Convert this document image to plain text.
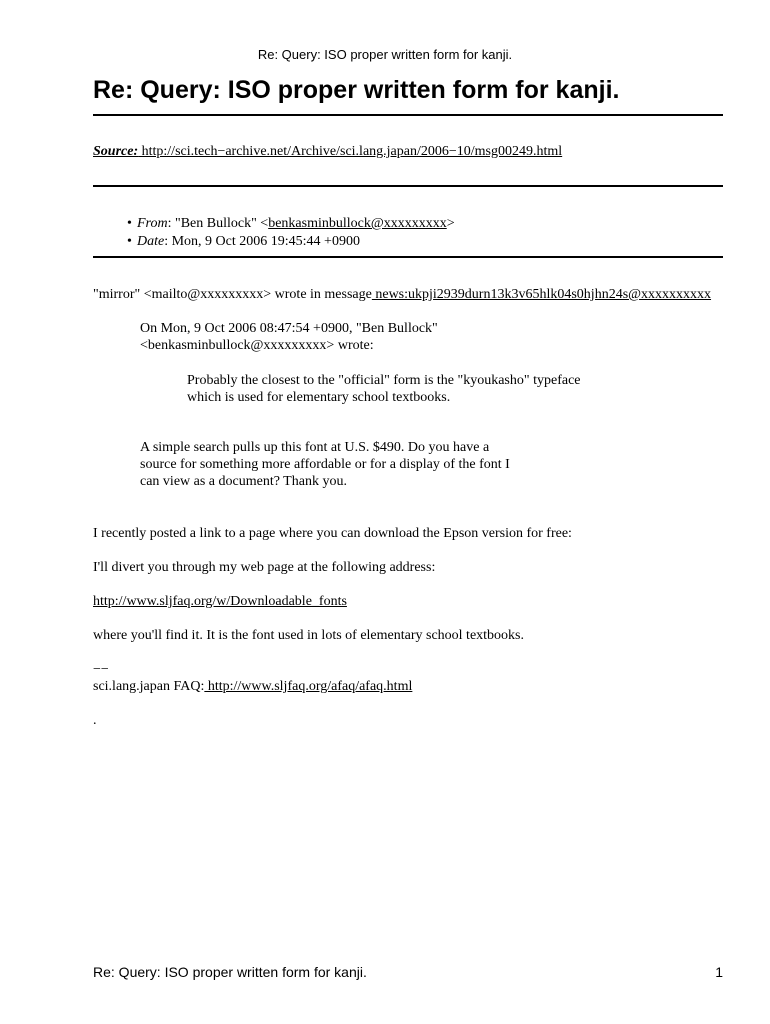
Re: Query: ISO proper written form for kanji.
Re: Query: ISO proper written form for kanji.
Source: http://sci.tech−archive.net/Archive/sci.lang.japan/2006−10/msg00249.html
• From: "Ben Bullock" <benkasminbullock@xxxxxxxxx>
• Date: Mon, 9 Oct 2006 19:45:44 +0900

"mirror" <mailto@xxxxxxxxx> wrote in message news:ukpji2939durn13k3v65hlk04s0hjhn24s@xxxxxxxxxx

On Mon, 9 Oct 2006 08:47:54 +0900, "Ben Bullock"
<benkasminbullock@xxxxxxxxx> wrote:
Probably the closest to the "official" form is the "kyoukasho" typeface
which is used for elementary school textbooks.
A simple search pulls up this font at U.S. $490. Do you have a
source for something more affordable or for a display of the font I
can view as a document? Thank you.

I recently posted a link to a page where you can download the Epson version for free:

I'll divert you through my web page at the following address:

http://www.sljfaq.org/w/Downloadable_fonts

where you'll find it. It is the font used in lots of elementary school textbooks.

−−
sci.lang.japan FAQ: http://www.sljfaq.org/afaq/afaq.html

.

Re: Query: ISO proper written form for kanji.	1
